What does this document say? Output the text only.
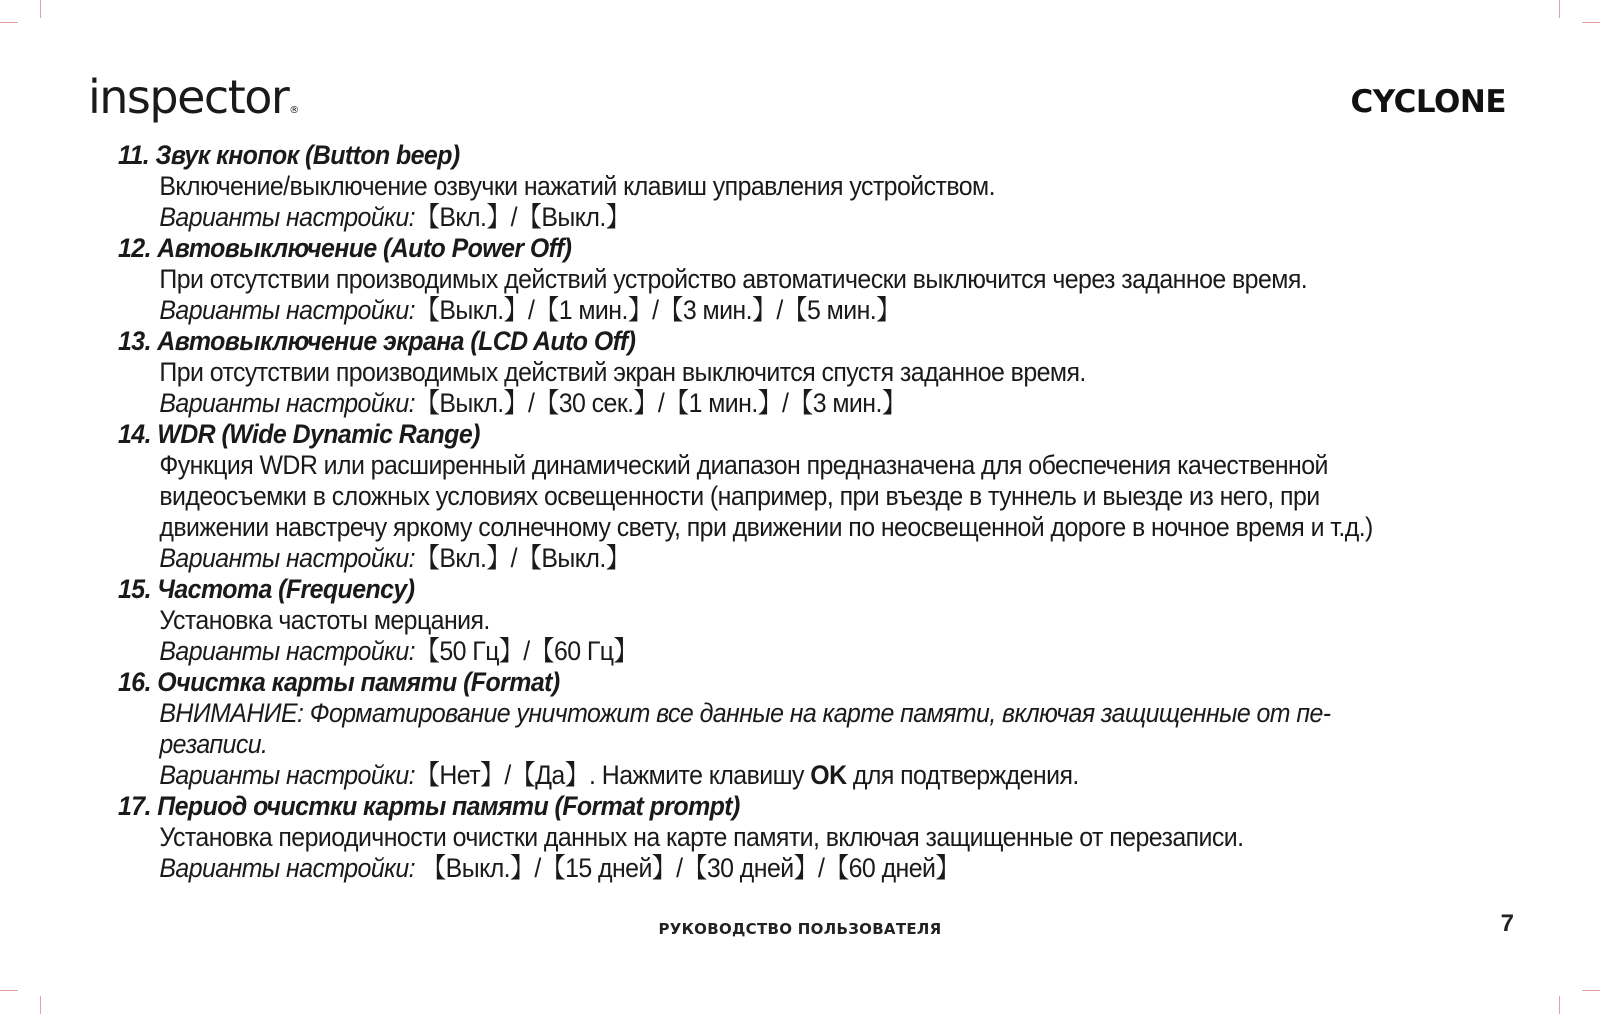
inspector®	CYCLONE

11. Звук кнопок (Button beep)

Включение/выключение озвучки нажатий клавиш управления устройством.

Варианты настройки:【Вкл.】/【Выкл.】

12. Автовыключение (Auto Power Off)

При отсутствии производимых действий устройство автоматически выключится через заданное время.

Варианты настройки:【Выкл.】/【1 мин.】/【3 мин.】/【5 мин.】

13. Автовыключение экрана (LCD Auto Off)

При отсутствии производимых действий экран выключится спустя заданное время.

Варианты настройки:【Выкл.】/【30 сек.】/【1 мин.】/【3 мин.】

14. WDR (Wide Dynamic Range)

Функция WDR или расширенный динамический диапазон предназначена для обеспечения качественной

видеосъемки в сложных условиях освещенности (например, при въезде в туннель и выезде из него, при

движении навстречу яркому солнечному свету, при движении по неосвещенной дороге в ночное время и т.д.)

Варианты настройки:【Вкл.】/【Выкл.】

15. Частота (Frequency)

Установка частоты мерцания.

Варианты настройки:【50 Гц】/【60 Гц】

16. Очистка карты памяти (Format)

ВНИМАНИЕ: Форматирование уничтожит все данные на карте памяти, включая защищенные от пе-

резаписи.

Варианты настройки:【Нет】/【Да】. Нажмите клавишу OK для подтверждения.

17. Период очистки карты памяти (Format prompt)

Установка периодичности очистки данных на карте памяти, включая защищенные от перезаписи.

Варианты настройки: 【Выкл.】/【15 дней】/【30 дней】/【60 дней】

РУКОВОДСТВО ПОЛЬЗОВАТЕЛЯ	7
